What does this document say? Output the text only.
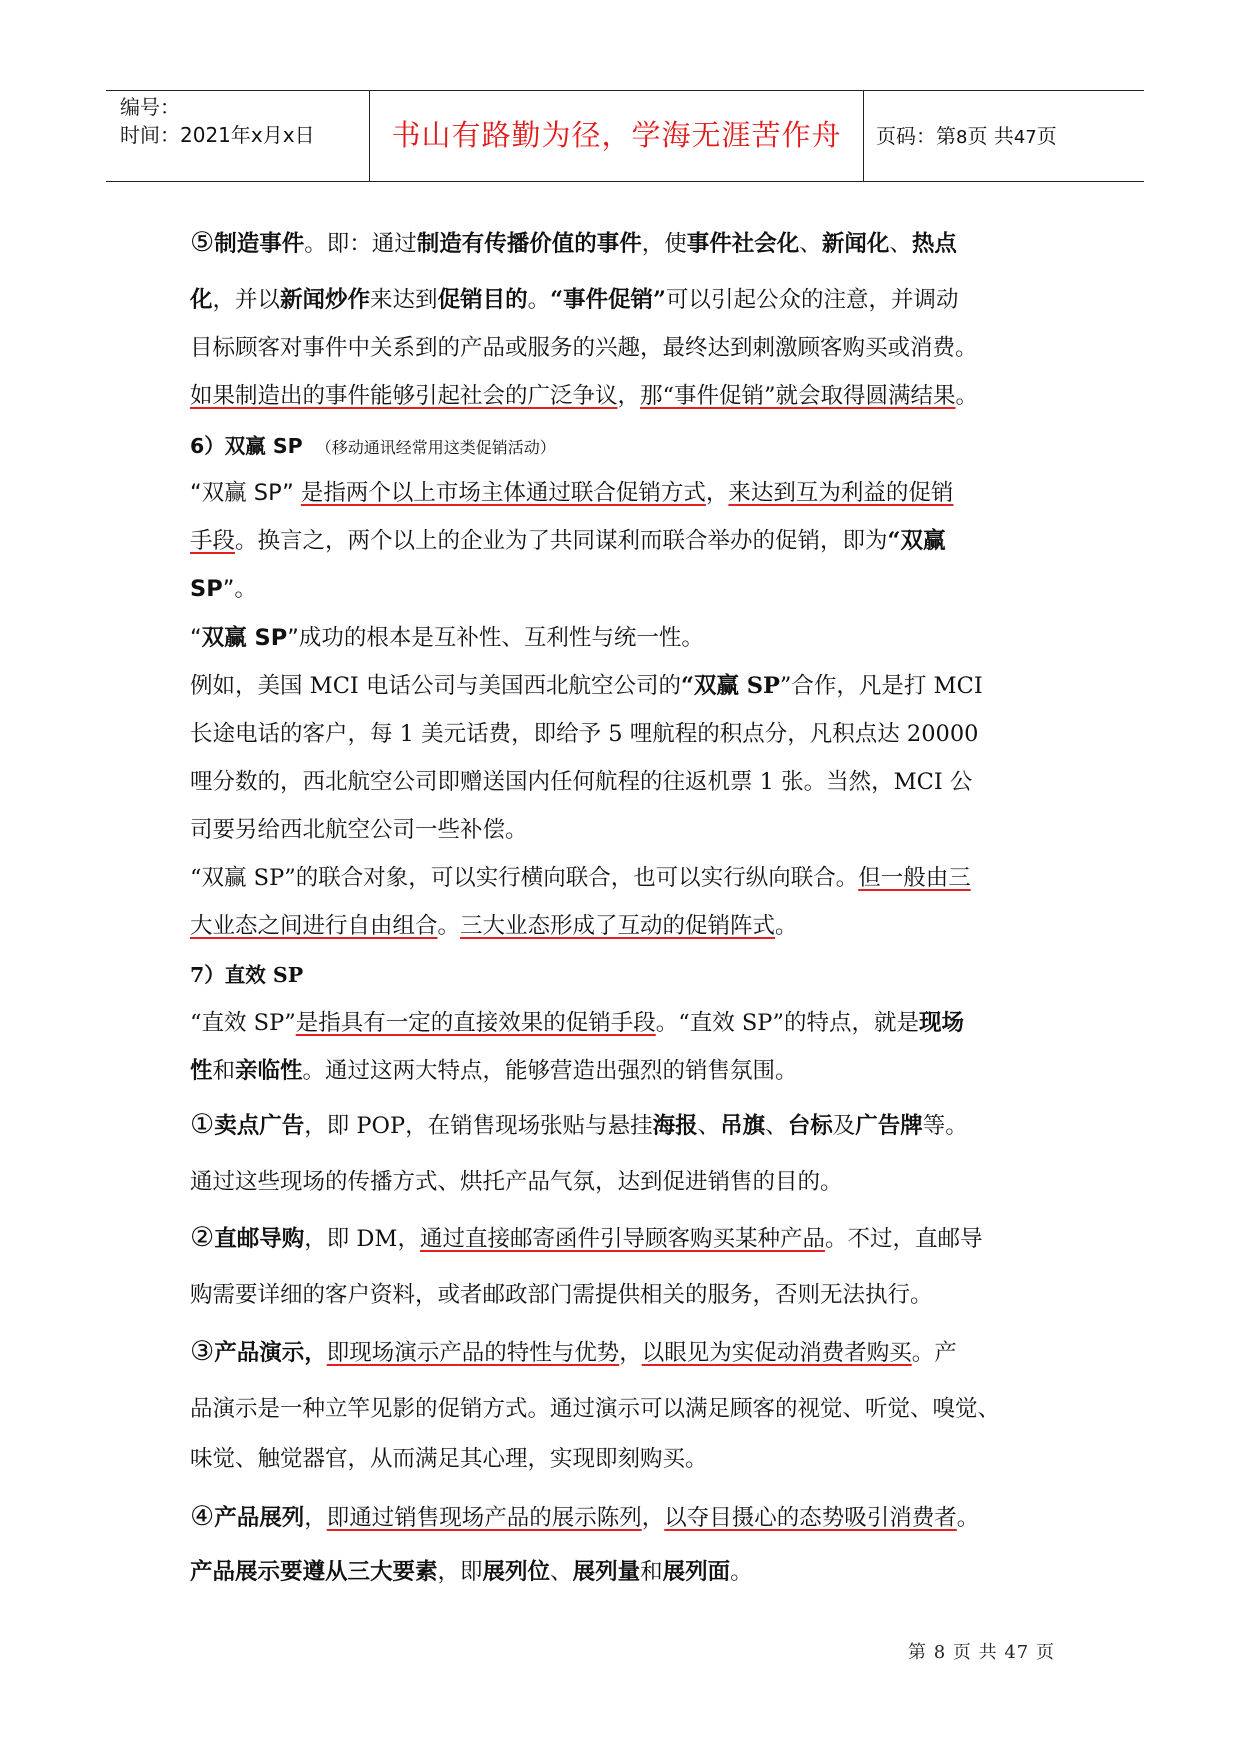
编号：
时间：2021年x月x日	书山有路勤为径，学海无涯苦作舟	页码：第8页 共47页
⑤制造事件。即：通过制造有传播价值的事件，使事件社会化、新闻化、热点
化，并以新闻炒作来达到促销目的。“事件促销”可以引起公众的注意，并调动
目标顾客对事件中关系到的产品或服务的兴趣，最终达到刺激顾客购买或消费。
如果制造出的事件能够引起社会的广泛争议，那“事件促销”就会取得圆满结果。
6）双赢 SP （移动通讯经常用这类促销活动）
“双赢 SP” 是指两个以上市场主体通过联合促销方式，来达到互为利益的促销
手段。换言之，两个以上的企业为了共同谋利而联合举办的促销，即为“双赢
SP”。
“双赢 SP”成功的根本是互补性、互利性与统一性。
例如，美国 MCI 电话公司与美国西北航空公司的“双赢 SP”合作，凡是打 MCI
长途电话的客户，每 1 美元话费，即给予 5 哩航程的积点分，凡积点达 20000
哩分数的，西北航空公司即赠送国内任何航程的往返机票 1 张。当然，MCI 公
司要另给西北航空公司一些补偿。
“双赢 SP”的联合对象，可以实行横向联合，也可以实行纵向联合。但一般由三
大业态之间进行自由组合。三大业态形成了互动的促销阵式。
7）直效 SP
“直效 SP”是指具有一定的直接效果的促销手段。“直效 SP”的特点，就是现场
性和亲临性。通过这两大特点，能够营造出强烈的销售氛围。
①卖点广告，即 POP，在销售现场张贴与悬挂海报、吊旗、台标及广告牌等。
通过这些现场的传播方式、烘托产品气氛，达到促进销售的目的。
②直邮导购，即 DM，通过直接邮寄函件引导顾客购买某种产品。不过，直邮导
购需要详细的客户资料，或者邮政部门需提供相关的服务，否则无法执行。
③产品演示，即现场演示产品的特性与优势，以眼见为实促动消费者购买。产
品演示是一种立竿见影的促销方式。通过演示可以满足顾客的视觉、听觉、嗅觉、
味觉、触觉器官，从而满足其心理，实现即刻购买。
④产品展列，即通过销售现场产品的展示陈列，以夺目摄心的态势吸引消费者。
产品展示要遵从三大要素，即展列位、展列量和展列面。
第 8 页 共 47 页
